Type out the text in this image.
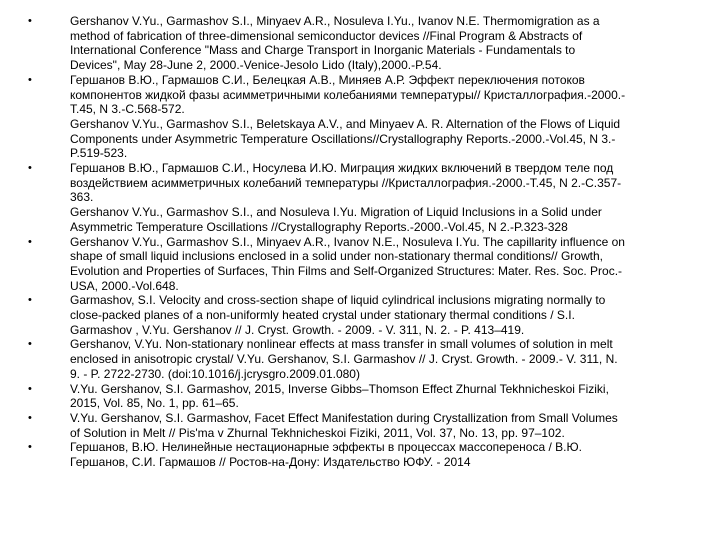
•	Gershanov V.Yu., Garmashov S.I., Minyaev A.R., Nosuleva I.Yu., Ivanov N.E. Thermomigration as a
method of fabrication of three-dimensional semiconductor devices //Final Program & Abstracts of
International Conference "Mass and Charge Transport in Inorganic Materials - Fundamentals to
Devices", May 28-June 2, 2000.-Venice-Jesolo Lido (Italy),2000.-P.54.
•	Гершанов В.Ю., Гармашов С.И., Белецкая А.В., Миняев А.Р. Эффект переключения потоков
компонентов жидкой фазы асимметричными колебаниями температуры// Кристаллография.-2000.-
Т.45, N 3.-С.568-572.
Gershanov V.Yu., Garmashov S.I., Beletskaya A.V., and Minyaev A. R. Alternation of the Flows of Liquid
Components under Asymmetric Temperature Oscillations//Crystallography Reports.-2000.-Vol.45, N 3.-
P.519-523.
•	Гершанов В.Ю., Гармашов С.И., Носулева И.Ю. Миграция жидких включений в твердом теле под
воздействием асимметричных колебаний температуры //Кристаллография.-2000.-Т.45, N 2.-С.357-
363.
Gershanov V.Yu., Garmashov S.I., and Nosuleva I.Yu. Migration of Liquid Inclusions in a Solid under
Asymmetric Temperature Oscillations //Crystallography Reports.-2000.-Vol.45, N 2.-P.323-328
•	Gershanov V.Yu., Garmashov S.I., Minyaev A.R., Ivanov N.E., Nosuleva I.Yu. The capillarity influence on
shape of small liquid inclusions enclosed in a solid under non-stationary thermal conditions// Growth,
Evolution and Properties of Surfaces, Thin Films and Self-Organized Structures: Mater. Res. Soc. Proc.-
USA, 2000.-Vol.648.
•	Garmashov, S.I. Velocity and cross-section shape of liquid cylindrical inclusions migrating normally to
close-packed planes of a non-uniformly heated crystal under stationary thermal conditions / S.I.
Garmashov , V.Yu. Gershanov // J. Cryst. Growth. - 2009. - V. 311, N. 2. - P. 413–419.
•	Gershanov, V.Yu. Non-stationary nonlinear effects at mass transfer in small volumes of solution in melt
enclosed in anisotropic crystal/ V.Yu. Gershanov, S.I. Garmashov // J. Cryst. Growth. - 2009.- V. 311, N.
9. - P. 2722-2730. (doi:10.1016/j.jcrysgro.2009.01.080)
•	V.Yu. Gershanov, S.I. Garmashov, 2015, Inverse Gibbs–Thomson Effect Zhurnal Tekhnicheskoi Fiziki,
2015, Vol. 85, No. 1, pp. 61–65.
•	V.Yu. Gershanov, S.I. Garmashov, Facet Effect Manifestation during Crystallization from Small Volumes
of Solution in Melt // Pis'ma v Zhurnal Tekhnicheskoi Fiziki, 2011, Vol. 37, No. 13, pp. 97–102.
•	Гершанов, В.Ю. Нелинейные нестационарные эффекты в процессах массопереноса / В.Ю.
Гершанов, С.И. Гармашов // Ростов-на-Дону: Издательство ЮФУ. - 2014
